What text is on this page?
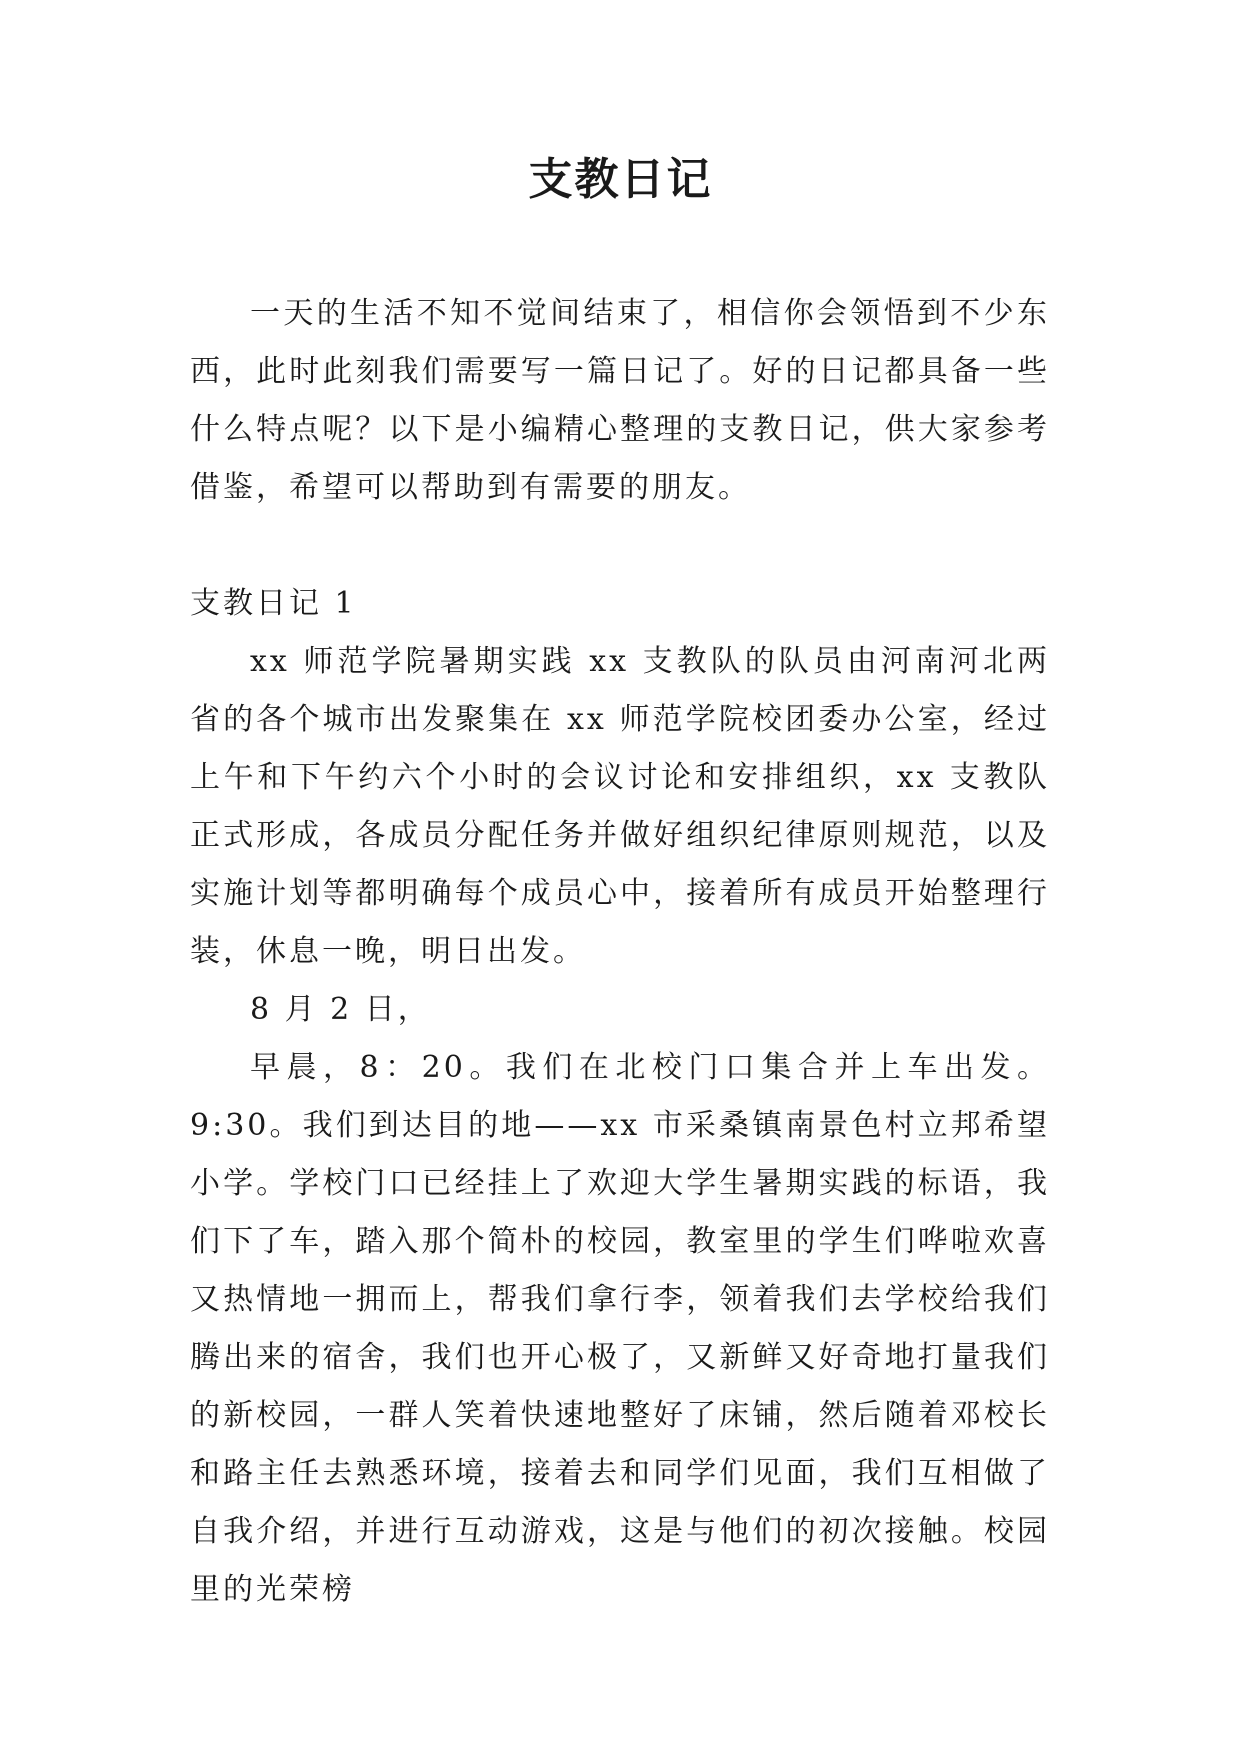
支教日记

一天的生活不知不觉间结束了，相信你会领悟到不少东西，此时此刻我们需要写一篇日记了。好的日记都具备一些什么特点呢？以下是小编精心整理的支教日记，供大家参考借鉴，希望可以帮助到有需要的朋友。

支教日记 1

xx 师范学院暑期实践 xx 支教队的队员由河南河北两省的各个城市出发聚集在 xx 师范学院校团委办公室，经过上午和下午约六个小时的会议讨论和安排组织，xx 支教队正式形成，各成员分配任务并做好组织纪律原则规范，以及实施计划等都明确每个成员心中，接着所有成员开始整理行装，休息一晚，明日出发。

8 月 2 日，

早晨，8：20。我们在北校门口集合并上车出发。9:30。我们到达目的地——xx 市采桑镇南景色村立邦希望小学。学校门口已经挂上了欢迎大学生暑期实践的标语，我们下了车，踏入那个简朴的校园，教室里的学生们哗啦欢喜又热情地一拥而上，帮我们拿行李，领着我们去学校给我们腾出来的宿舍，我们也开心极了，又新鲜又好奇地打量我们的新校园，一群人笑着快速地整好了床铺，然后随着邓校长和路主任去熟悉环境，接着去和同学们见面，我们互相做了自我介绍，并进行互动游戏，这是与他们的初次接触。校园里的光荣榜
